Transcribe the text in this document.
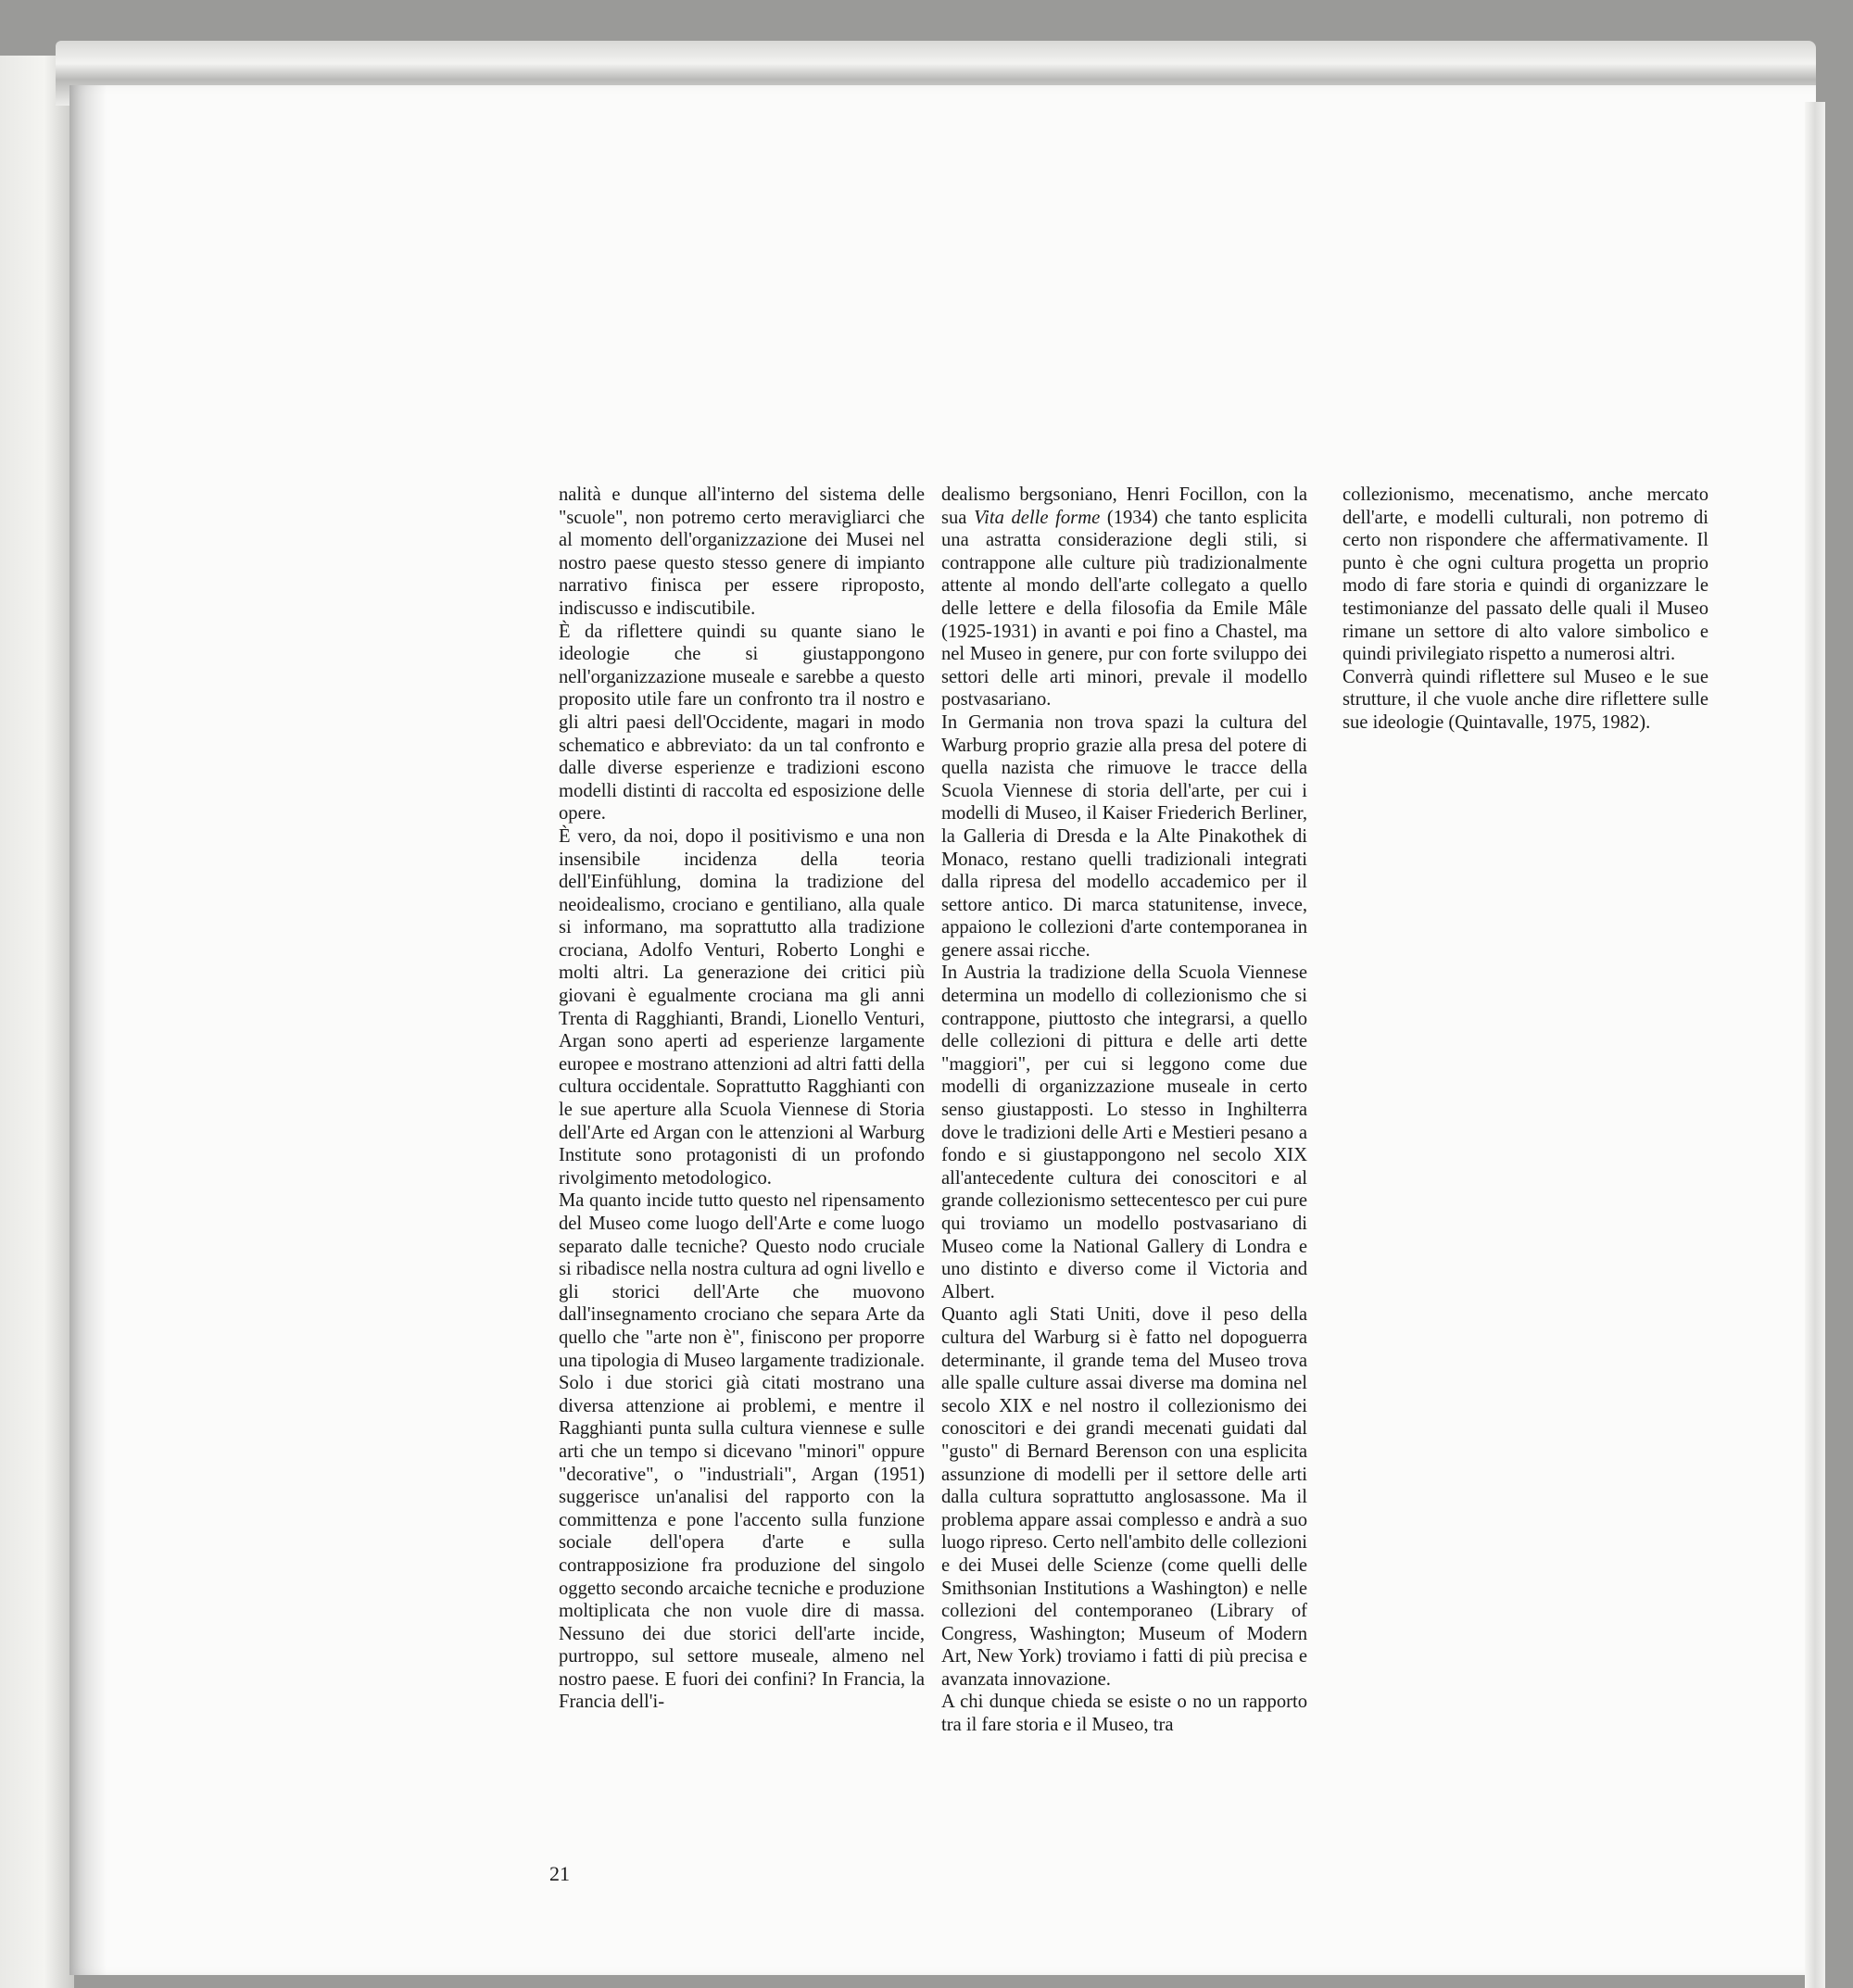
nalità e dunque all'interno del sistema delle "scuole", non potremo certo meravigliarci che al momento dell'organizzazione dei Musei nel nostro paese questo stesso genere di impianto narrativo finisca per essere riproposto, indiscusso e indiscutibile.

È da riflettere quindi su quante siano le ideologie che si giustappongono nell'organizzazione museale e sarebbe a questo proposito utile fare un confronto tra il nostro e gli altri paesi dell'Occidente, magari in modo schematico e abbreviato: da un tal confronto e dalle diverse esperienze e tradizioni escono modelli distinti di raccolta ed esposizione delle opere.

È vero, da noi, dopo il positivismo e una non insensibile incidenza della teoria dell'Einfühlung, domina la tradizione del neoidealismo, crociano e gentiliano, alla quale si informano, ma soprattutto alla tradizione crociana, Adolfo Venturi, Roberto Longhi e molti altri. La generazione dei critici più giovani è egualmente crociana ma gli anni Trenta di Ragghianti, Brandi, Lionello Venturi, Argan sono aperti ad esperienze largamente europee e mostrano attenzioni ad altri fatti della cultura occidentale. Soprattutto Ragghianti con le sue aperture alla Scuola Viennese di Storia dell'Arte ed Argan con le attenzioni al Warburg Institute sono protagonisti di un profondo rivolgimento metodologico.

Ma quanto incide tutto questo nel ripensamento del Museo come luogo dell'Arte e come luogo separato dalle tecniche? Questo nodo cruciale si ribadisce nella nostra cultura ad ogni livello e gli storici dell'Arte che muovono dall'insegnamento crociano che separa Arte da quello che "arte non è", finiscono per proporre una tipologia di Museo largamente tradizionale. Solo i due storici già citati mostrano una diversa attenzione ai problemi, e mentre il Ragghianti punta sulla cultura viennese e sulle arti che un tempo si dicevano "minori" oppure "decorative", o "industriali", Argan (1951) suggerisce un'analisi del rapporto con la committenza e pone l'accento sulla funzione sociale dell'opera d'arte e sulla contrapposizione fra produzione del singolo oggetto secondo arcaiche tecniche e produzione moltiplicata che non vuole dire di massa. Nessuno dei due storici dell'arte incide, purtroppo, sul settore museale, almeno nel nostro paese. E fuori dei confini? In Francia, la Francia dell'i-

dealismo bergsoniano, Henri Focillon, con la sua Vita delle forme (1934) che tanto esplicita una astratta considerazione degli stili, si contrappone alle culture più tradizionalmente attente al mondo dell'arte collegato a quello delle lettere e della filosofia da Emile Mâle (1925-1931) in avanti e poi fino a Chastel, ma nel Museo in genere, pur con forte sviluppo dei settori delle arti minori, prevale il modello postvasariano.

In Germania non trova spazi la cultura del Warburg proprio grazie alla presa del potere di quella nazista che rimuove le tracce della Scuola Viennese di storia dell'arte, per cui i modelli di Museo, il Kaiser Friederich Berliner, la Galleria di Dresda e la Alte Pinakothek di Monaco, restano quelli tradizionali integrati dalla ripresa del modello accademico per il settore antico. Di marca statunitense, invece, appaiono le collezioni d'arte contemporanea in genere assai ricche.

In Austria la tradizione della Scuola Viennese determina un modello di collezionismo che si contrappone, piuttosto che integrarsi, a quello delle collezioni di pittura e delle arti dette "maggiori", per cui si leggono come due modelli di organizzazione museale in certo senso giustapposti. Lo stesso in Inghilterra dove le tradizioni delle Arti e Mestieri pesano a fondo e si giustappongono nel secolo XIX all'antecedente cultura dei conoscitori e al grande collezionismo settecentesco per cui pure qui troviamo un modello postvasariano di Museo come la National Gallery di Londra e uno distinto e diverso come il Victoria and Albert.

Quanto agli Stati Uniti, dove il peso della cultura del Warburg si è fatto nel dopoguerra determinante, il grande tema del Museo trova alle spalle culture assai diverse ma domina nel secolo XIX e nel nostro il collezionismo dei conoscitori e dei grandi mecenati guidati dal "gusto" di Bernard Berenson con una esplicita assunzione di modelli per il settore delle arti dalla cultura soprattutto anglosassone. Ma il problema appare assai complesso e andrà a suo luogo ripreso. Certo nell'ambito delle collezioni e dei Musei delle Scienze (come quelli delle Smithsonian Institutions a Washington) e nelle collezioni del contemporaneo (Library of Congress, Washington; Museum of Modern Art, New York) troviamo i fatti di più precisa e avanzata innovazione.

A chi dunque chieda se esiste o no un rapporto tra il fare storia e il Museo, tra

collezionismo, mecenatismo, anche mercato dell'arte, e modelli culturali, non potremo di certo non rispondere che affermativamente. Il punto è che ogni cultura progetta un proprio modo di fare storia e quindi di organizzare le testimonianze del passato delle quali il Museo rimane un settore di alto valore simbolico e quindi privilegiato rispetto a numerosi altri.

Converrà quindi riflettere sul Museo e le sue strutture, il che vuole anche dire riflettere sulle sue ideologie (Quintavalle, 1975, 1982).

21
